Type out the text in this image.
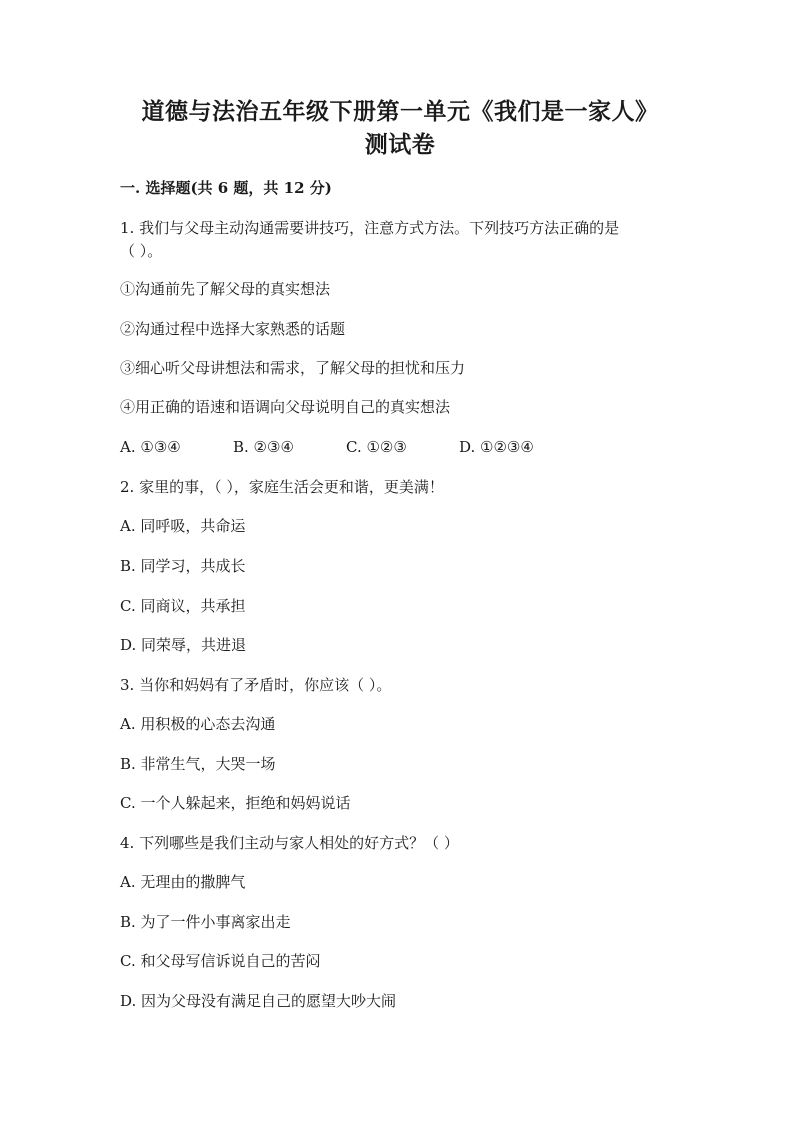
道德与法治五年级下册第一单元《我们是一家人》
测试卷
一. 选择题(共 6 题，共 12 分)
1. 我们与父母主动沟通需要讲技巧，注意方式方法。下列技巧方法正确的是
（ ）。
①沟通前先了解父母的真实想法
②沟通过程中选择大家熟悉的话题
③细心听父母讲想法和需求，了解父母的担忧和压力
④用正确的语速和语调向父母说明自己的真实想法
A. ①③④	B. ②③④	C. ①②③	D. ①②③④
2. 家里的事，（ ），家庭生活会更和谐，更美满！
A. 同呼吸，共命运
B. 同学习，共成长
C. 同商议，共承担
D. 同荣辱，共进退
3. 当你和妈妈有了矛盾时，你应该（ ）。
A. 用积极的心态去沟通
B. 非常生气，大哭一场
C. 一个人躲起来，拒绝和妈妈说话
4. 下列哪些是我们主动与家人相处的好方式？（ ）
A. 无理由的撒脾气
B. 为了一件小事离家出走
C. 和父母写信诉说自己的苦闷
D. 因为父母没有满足自己的愿望大吵大闹
